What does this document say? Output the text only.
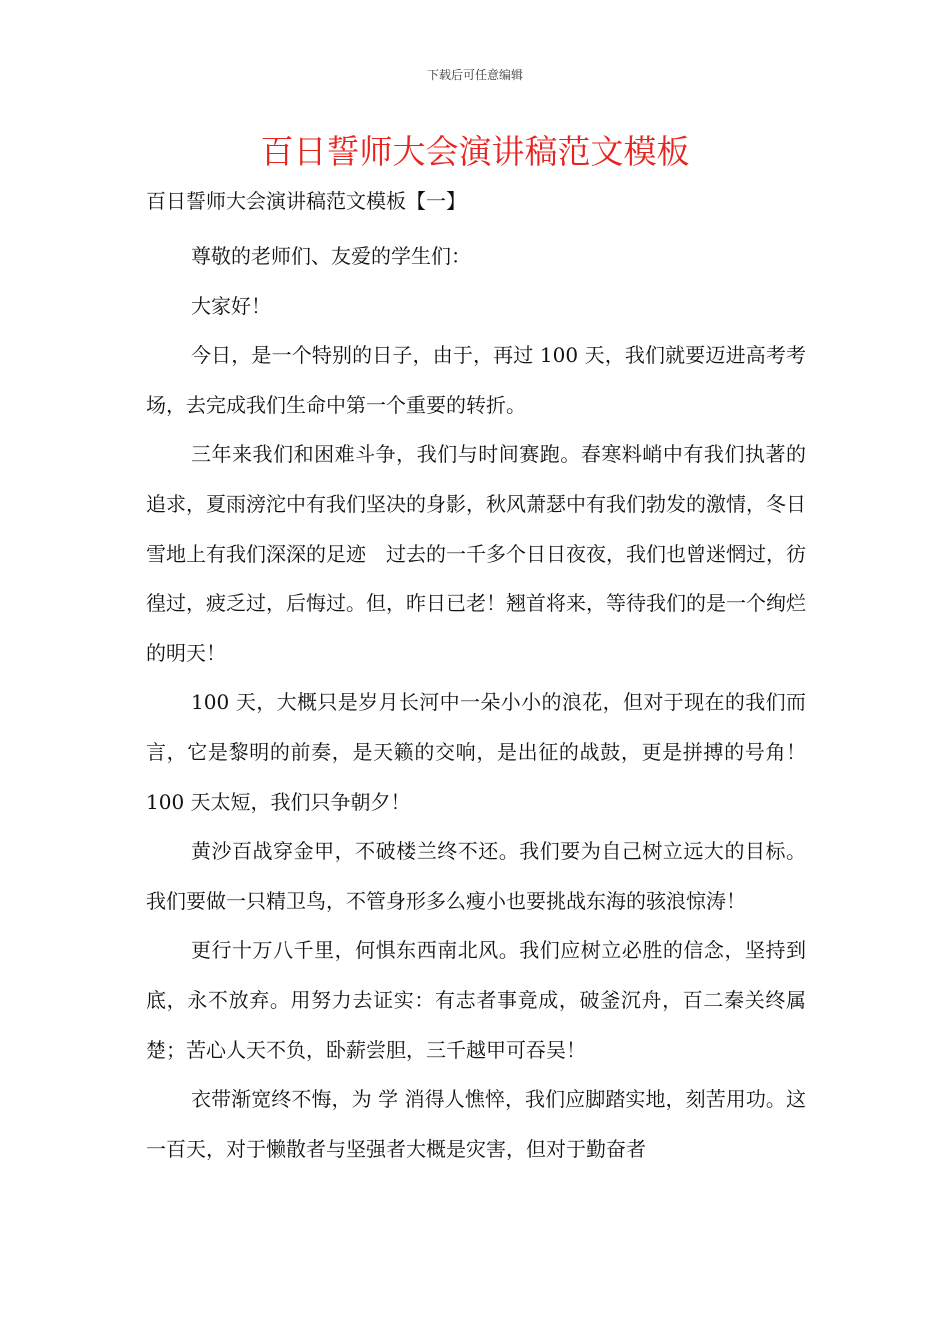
下载后可任意编辑
百日誓师大会演讲稿范文模板
百日誓师大会演讲稿范文模板【一】

尊敬的老师们、友爱的学生们：

大家好！

今日，是一个特别的日子，由于，再过 100 天，我们就要迈进高考考场，去完成我们生命中第一个重要的转折。

三年来我们和困难斗争，我们与时间赛跑。春寒料峭中有我们执著的追求，夏雨滂沱中有我们坚决的身影，秋风萧瑟中有我们勃发的激情，冬日雪地上有我们深深的足迹　过去的一千多个日日夜夜，我们也曾迷惘过，彷徨过，疲乏过，后悔过。但，昨日已老！翘首将来，等待我们的是一个绚烂的明天！

100 天，大概只是岁月长河中一朵小小的浪花，但对于现在的我们而言，它是黎明的前奏，是天籁的交响，是出征的战鼓，更是拼搏的号角！100 天太短，我们只争朝夕！

黄沙百战穿金甲，不破楼兰终不还。我们要为自己树立远大的目标。我们要做一只精卫鸟，不管身形多么瘦小也要挑战东海的骇浪惊涛！

更行十万八千里，何惧东西南北风。我们应树立必胜的信念，坚持到底，永不放弃。用努力去证实：有志者事竟成，破釜沉舟，百二秦关终属楚；苦心人天不负，卧薪尝胆，三千越甲可吞吴！

衣带渐宽终不悔，为 学 消得人憔悴，我们应脚踏实地，刻苦用功。这一百天，对于懒散者与坚强者大概是灾害，但对于勤奋者
